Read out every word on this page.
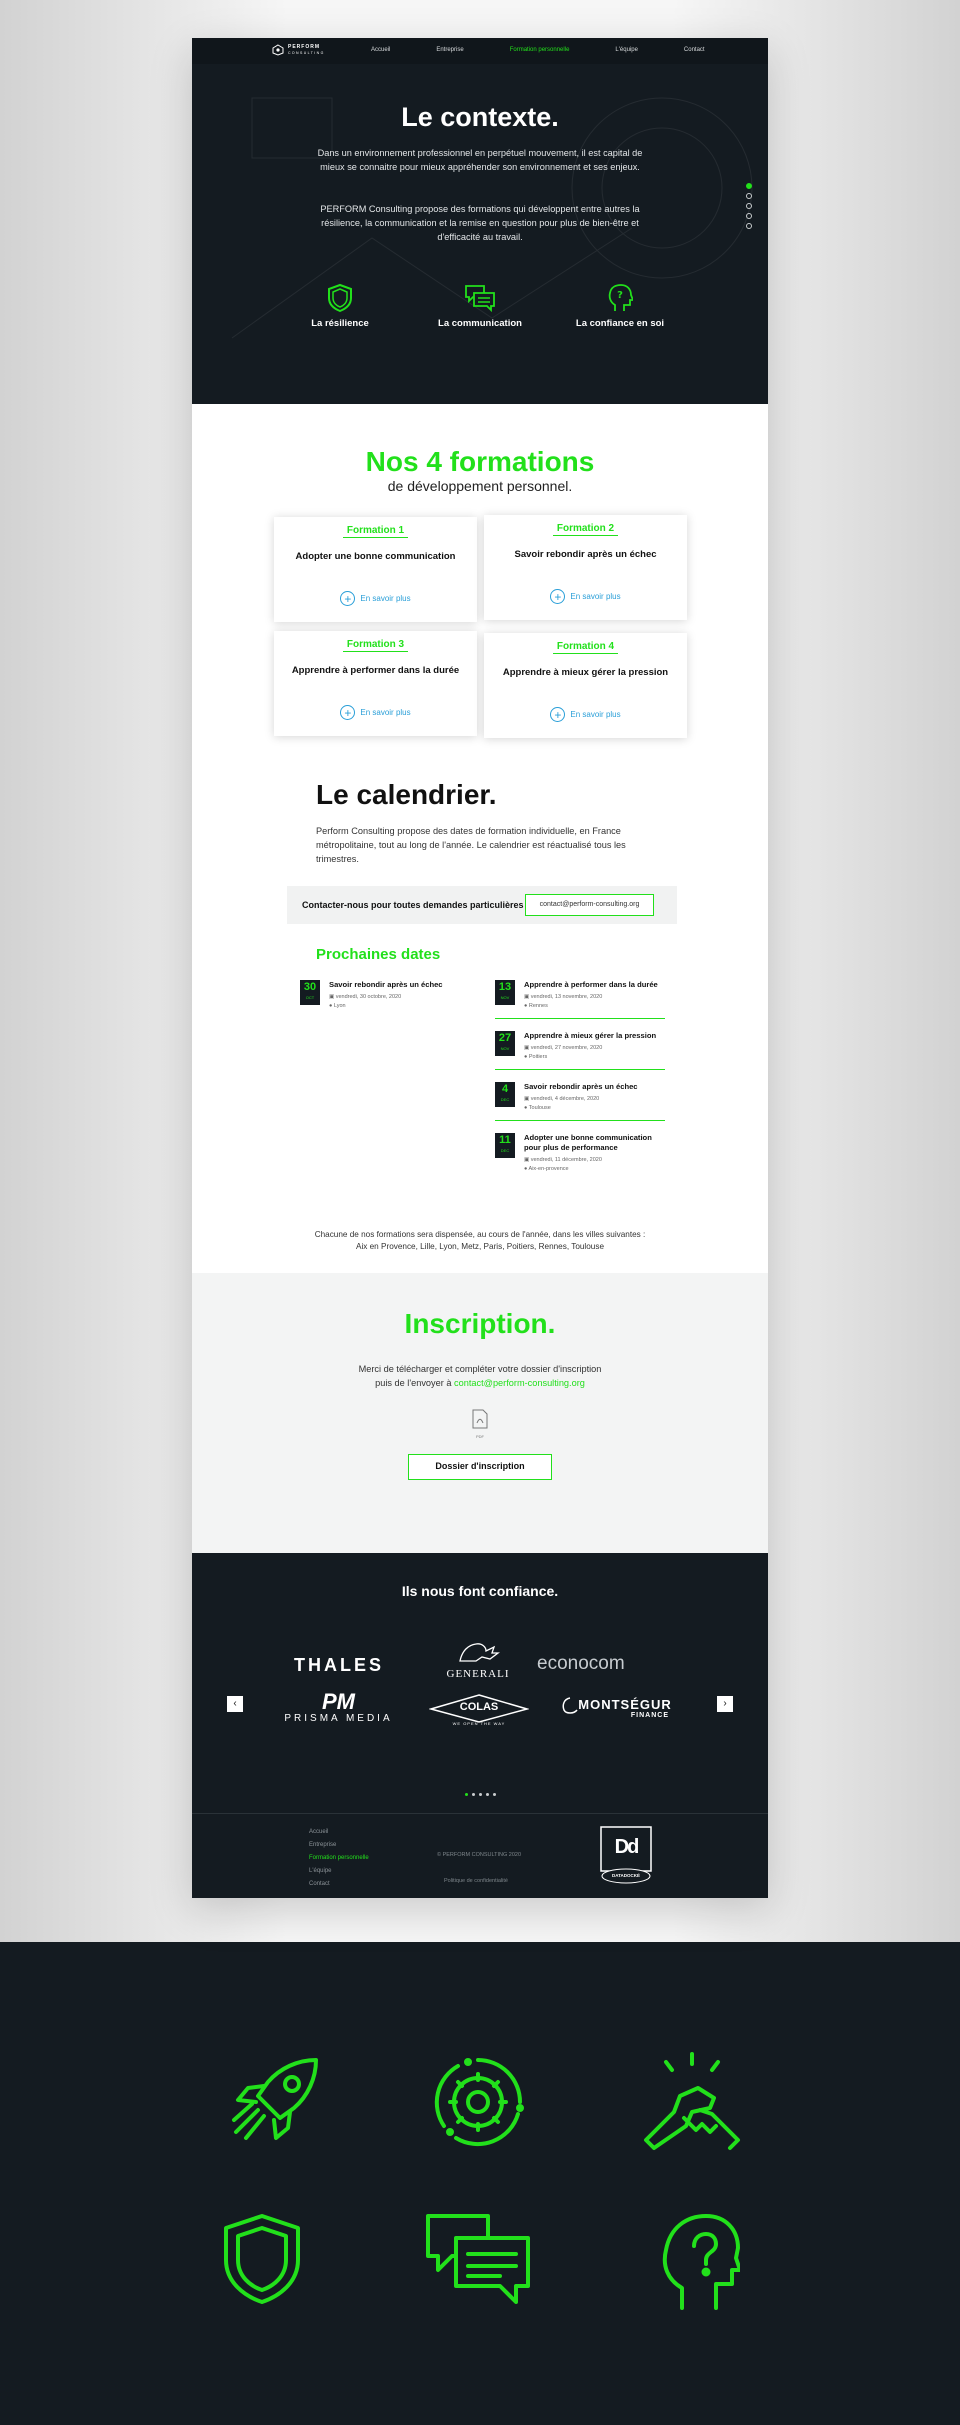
PERFORM
CONSULTING	Accueil	Entreprise	Formation personnelle	L'équipe	Contact
Le contexte.

Dans un environnement professionnel en perpétuel mouvement, il est capital de mieux se connaitre pour mieux appréhender son environnement et ses enjeux.

PERFORM Consulting propose des formations qui développent entre autres la résilience, la communication et la remise en question pour plus de bien-être et d'efficacité au travail.

La résilience	La communication
?
La confiance en soi
Nos 4 formations
de développement personnel.
Formation 1
Adopter une bonne communication
+	En savoir plus
Formation 2
Savoir rebondir après un échec
+	En savoir plus
Formation 3
Apprendre à performer dans la durée
+	En savoir plus
Formation 4
Apprendre à mieux gérer la pression
+	En savoir plus
Le calendrier.
Perform Consulting propose des dates de formation individuelle, en France métropolitaine, tout au long de l'année. Le calendrier est réactualisé tous les trimestres.
Contacter-nous pour toutes demandes particulières	contact@perform-consulting.org
Prochaines dates
30
OCT
Savoir rebondir après un échec
▣ vendredi, 30 octobre, 2020
● Lyon
13
NOV
Apprendre à performer dans la durée
▣ vendredi, 13 novembre, 2020
● Rennes
27
NOV
Apprendre à mieux gérer la pression
▣ vendredi, 27 novembre, 2020
● Poitiers
4
DEC
Savoir rebondir après un échec
▣ vendredi, 4 décembre, 2020
● Toulouse
11
DEC
Adopter une bonne communication pour plus de performance
▣ vendredi, 11 décembre, 2020
● Aix-en-provence
Chacune de nos formations sera dispensée, au cours de l'année, dans les villes suivantes :
Aix en Provence, Lille, Lyon, Metz, Paris, Poitiers, Rennes, Toulouse
Inscription.

Merci de télécharger et compléter votre dossier d'inscription
puis de l'envoyer à contact@perform-consulting.org

PDF
Dossier d'inscription
Ils nous font confiance.
THALES	GENERALI econocom
PM
PRISMA MEDIA
COLAS
WE OPEN THE WAY
MONTSÉGUR
FINANCE
‹	›
Accueil
Entreprise
Formation personnelle
L'équipe
Contact
© PERFORM CONSULTING 2020
Politique de confidentialité
Dd
DATADOCKÉ
